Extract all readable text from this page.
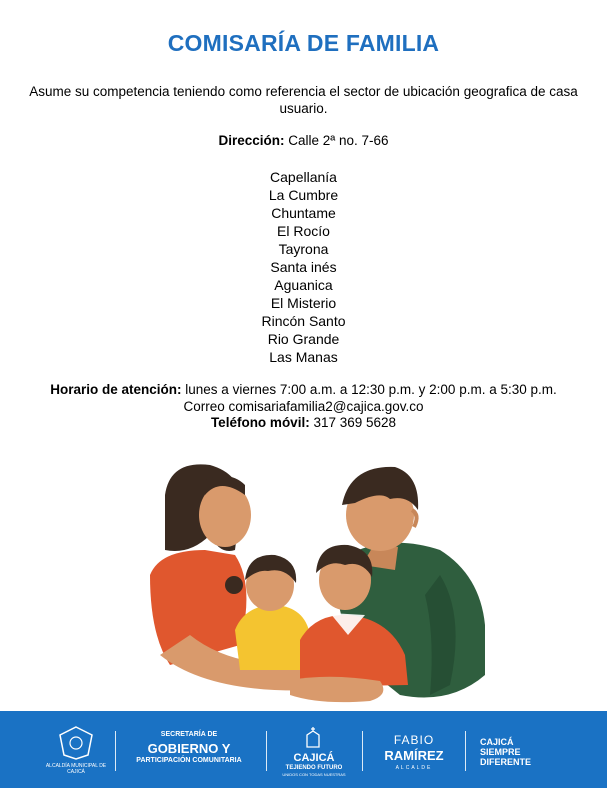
COMISARÍA DE FAMILIA
Asume su competencia teniendo como referencia el sector de ubicación geografica de casa usuario.
Dirección: Calle 2ª no. 7-66
Capellanía
La Cumbre
Chuntame
El Rocío
Tayrona
Santa inés
Aguanica
El Misterio
Rincón Santo
Rio Grande
Las Manas
Horario de atención: lunes a viernes 7:00 a.m. a 12:30 p.m. y 2:00 p.m. a 5:30 p.m.
Correo comisariafamilia2@cajica.gov.co
Teléfono móvil: 317 369 5628
ALCALDÍA MUNICIPAL DE CAJICÁ
SECRETARÍA DE
GOBIERNO Y
PARTICIPACIÓN COMUNITARIA	CAJICÁ
TEJIENDO FUTURO
UNIDOS CON TODAS NUESTRAS
FABIO
RAMÍREZ
ALCALDE
CAJICÁ
SIEMPRE
DIFERENTE
